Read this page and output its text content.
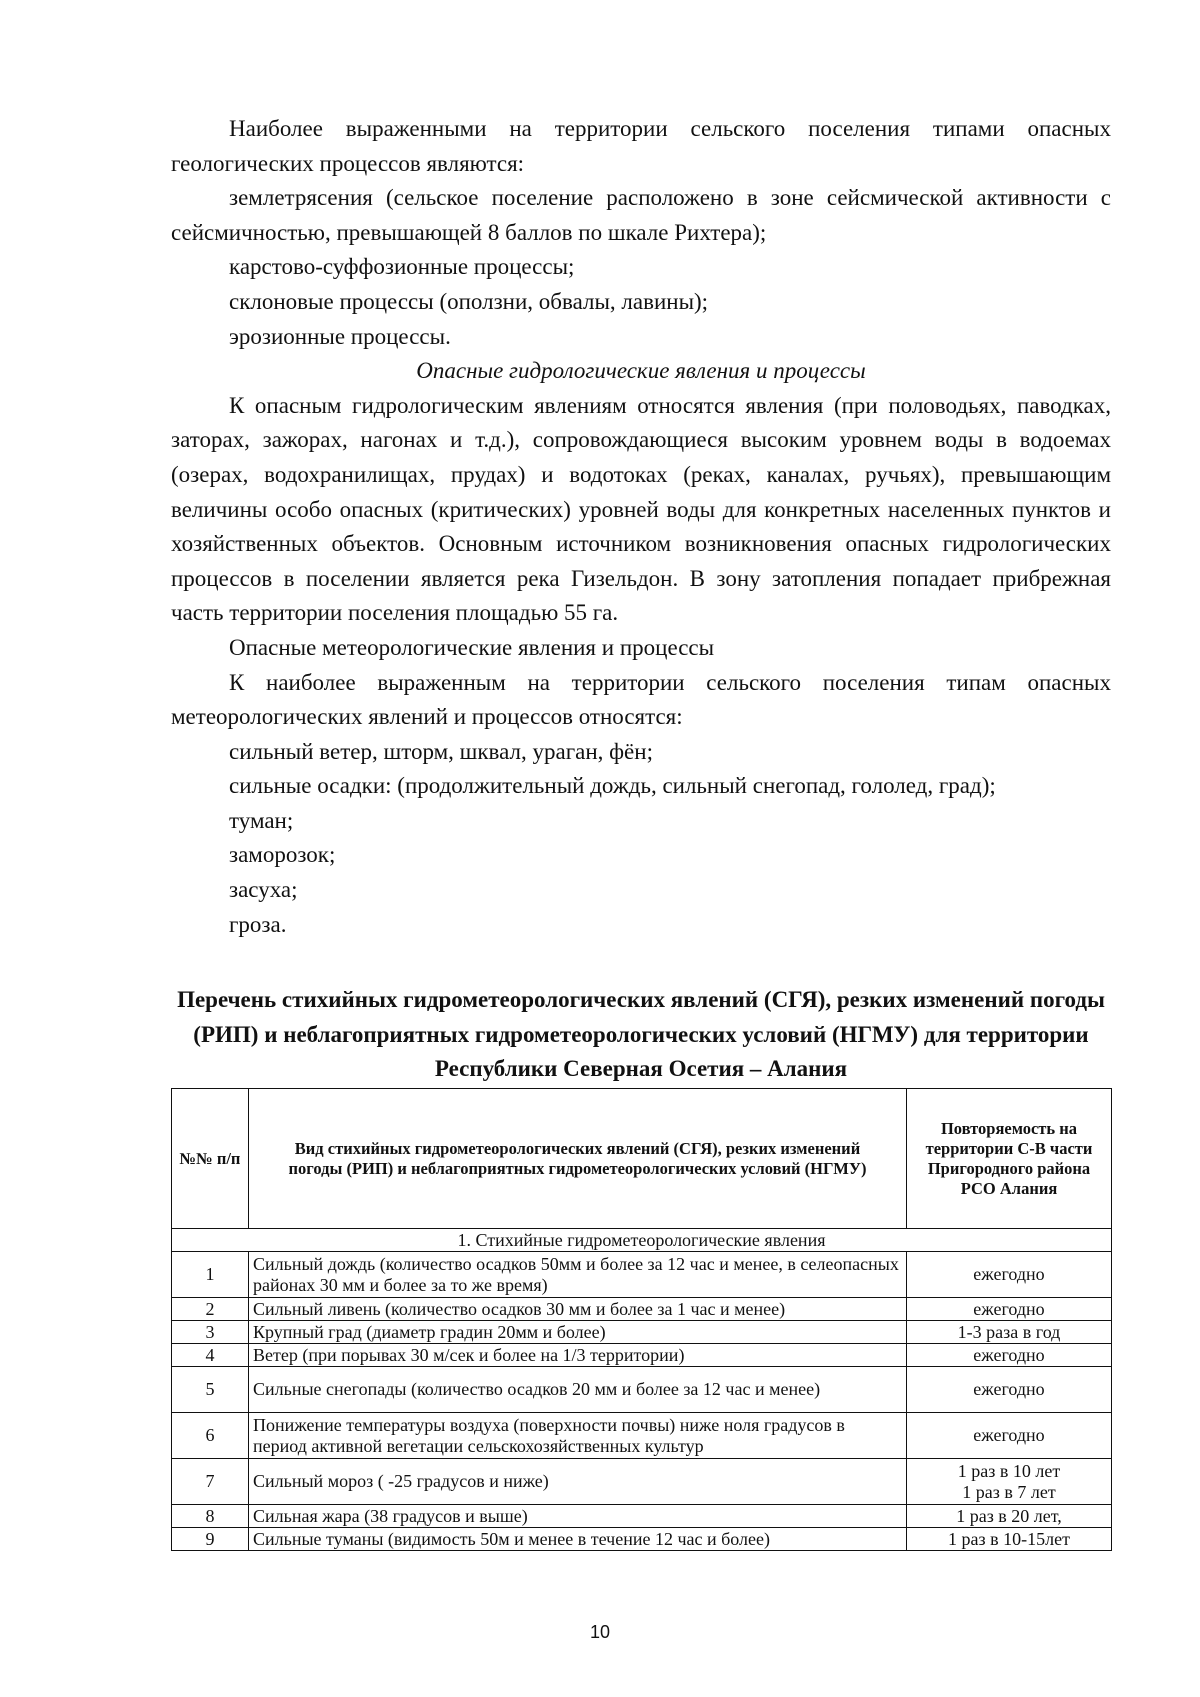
Наиболее выраженными на территории сельского поселения типами опасных геологических процессов являются:

землетрясения (сельское поселение расположено в зоне сейсмической активности с сейсмичностью, превышающей 8 баллов по шкале Рихтера);

карстово-суффозионные процессы;

склоновые процессы (оползни, обвалы, лавины);

эрозионные процессы.

Опасные гидрологические явления и процессы

К опасным гидрологическим явлениям относятся явления (при половодьях, паводках, заторах, зажорах, нагонах и т.д.), сопровождающиеся высоким уровнем воды в водоемах (озерах, водохранилищах, прудах) и водотоках (реках, каналах, ручьях), превышающим величины особо опасных (критических) уровней воды для конкретных населенных пунктов и хозяйственных объектов. Основным источником возникновения опасных гидрологических процессов в поселении является река Гизельдон. В зону затопления попадает прибрежная часть территории поселения площадью 55 га.

Опасные метеорологические явления и процессы

К наиболее выраженным на территории сельского поселения типам опасных метеорологических явлений и процессов относятся:

сильный ветер, шторм, шквал, ураган, фён;

сильные осадки: (продолжительный дождь, сильный снегопад, гололед, град);

туман;

заморозок;

засуха;

гроза.

Перечень стихийных гидрометеорологических явлений (СГЯ), резких изменений погоды (РИП) и неблагоприятных гидрометеорологических условий (НГМУ) для территории Республики Северная Осетия – Алания
№№ п/п	Вид стихийных гидрометеорологических явлений (СГЯ), резких изменений погоды (РИП) и неблагоприятных гидрометеорологических условий (НГМУ)	Повторяемость на территории С-В части Пригородного района РСО Алания
1. Стихийные гидрометеорологические явления		
1	Сильный дождь (количество осадков 50мм и более за 12 час и менее, в селеопасных районах 30 мм и более за то же время)	ежегодно
2	Сильный ливень (количество осадков 30 мм и более за 1 час и менее)	ежегодно
3	Крупный град (диаметр градин 20мм и более)	1-3 раза в год
4	Ветер (при порывах 30 м/сек и более на 1/3 территории)	ежегодно
5	Сильные снегопады (количество осадков 20 мм и более за 12 час и менее)	ежегодно
6	Понижение температуры воздуха (поверхности почвы) ниже ноля градусов в период активной вегетации сельскохозяйственных культур	ежегодно
7	Сильный мороз ( -25 градусов и ниже)	1 раз в 10 лет
1 раз в 7 лет

8	Сильная жара (38 градусов и выше)	1 раз в 20 лет,
9	Сильные туманы (видимость 50м и менее в течение 12 час и более)	1 раз в 10-15лет
10
